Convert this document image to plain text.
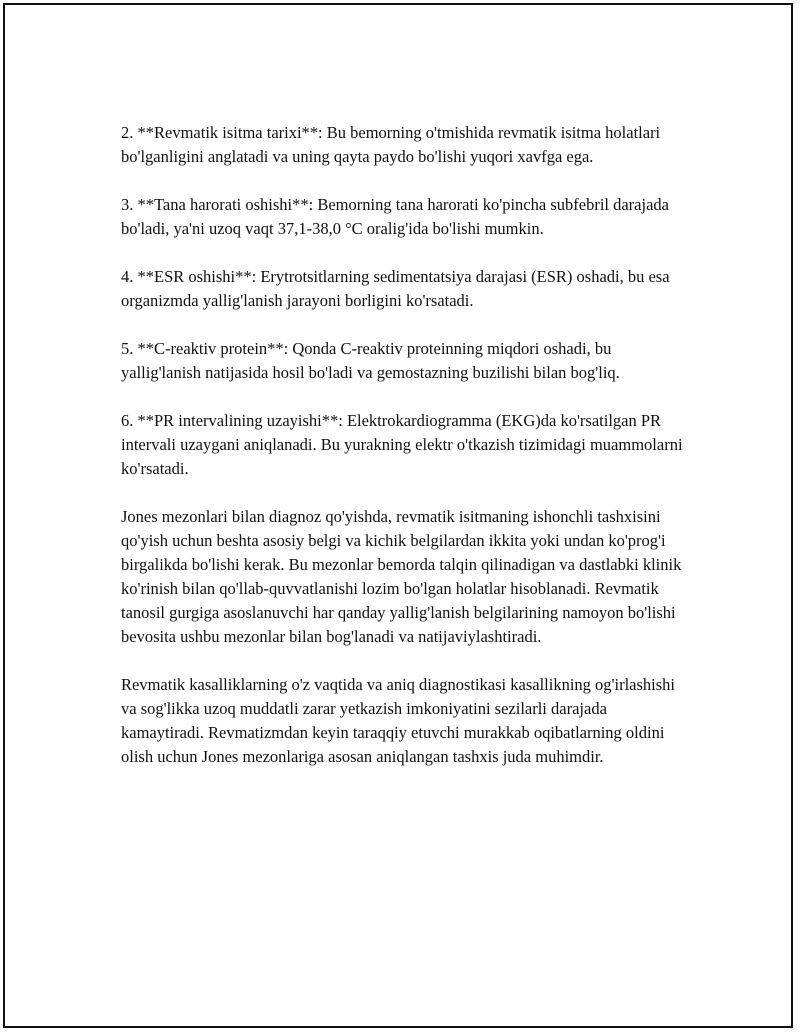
2. **Revmatik isitma tarixi**: Bu bemorning o'tmishida revmatik isitma holatlari bo'lganligini anglatadi va uning qayta paydo bo'lishi yuqori xavfga ega.

3. **Tana harorati oshishi**: Bemorning tana harorati ko'pincha subfebril darajada bo'ladi, ya'ni uzoq vaqt 37,1-38,0 °C oralig'ida bo'lishi mumkin.

4. **ESR oshishi**: Erytrotsitlarning sedimentatsiya darajasi (ESR) oshadi, bu esa organizmda yallig'lanish jarayoni borligini ko'rsatadi.

5. **C-reaktiv protein**: Qonda C-reaktiv proteinning miqdori oshadi, bu yallig'lanish natijasida hosil bo'ladi va gemostazning buzilishi bilan bog'liq.

6. **PR intervalining uzayishi**: Elektrokardiogramma (EKG)da ko'rsatilgan PR intervali uzaygani aniqlanadi. Bu yurakning elektr o'tkazish tizimidagi muammolarni ko'rsatadi.

Jones mezonlari bilan diagnoz qo'yishda, revmatik isitmaning ishonchli tashxisini qo'yish uchun beshta asosiy belgi va kichik belgilardan ikkita yoki undan ko'prog'i birgalikda bo'lishi kerak. Bu mezonlar bemorda talqin qilinadigan va dastlabki klinik ko'rinish bilan qo'llab-quvvatlanishi lozim bo'lgan holatlar hisoblanadi. Revmatik tanosil gurgiga asoslanuvchi har qanday yallig'lanish belgilarining namoyon bo'lishi bevosita ushbu mezonlar bilan bog'lanadi va natijaviylashtiradi.

Revmatik kasalliklarning o'z vaqtida va aniq diagnostikasi kasallikning og'irlashishi va sog'likka uzoq muddatli zarar yetkazish imkoniyatini sezilarli darajada kamaytiradi. Revmatizmdan keyin taraqqiy etuvchi murakkab oqibatlarning oldini olish uchun Jones mezonlariga asosan aniqlangan tashxis juda muhimdir.
